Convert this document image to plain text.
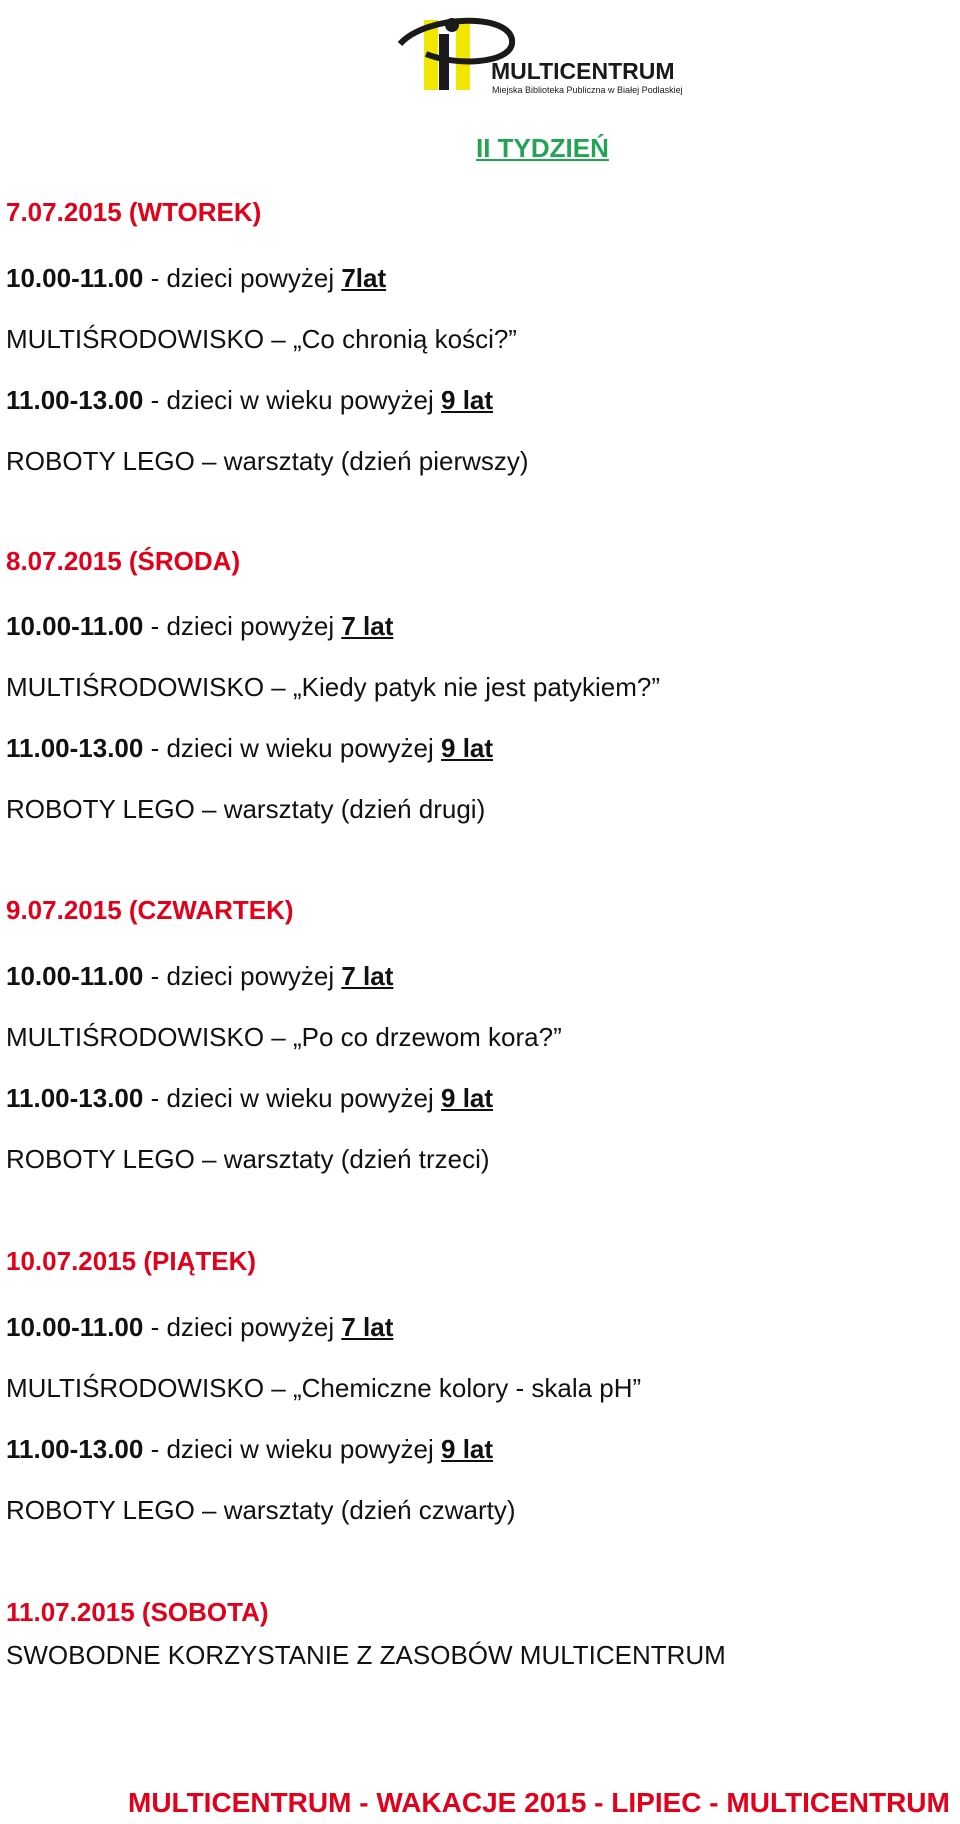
MULTICENTRUM
Miejska Biblioteka Publiczna w Białej Podlaskiej
II TYDZIEŃ
7.07.2015 (WTOREK)
10.00-11.00 - dzieci powyżej 7lat
MULTIŚRODOWISKO – „Co chronią kości?”
11.00-13.00 - dzieci w wieku powyżej 9 lat
ROBOTY LEGO – warsztaty (dzień pierwszy)
8.07.2015 (ŚRODA)
10.00-11.00 - dzieci powyżej 7 lat
MULTIŚRODOWISKO – „Kiedy patyk nie jest patykiem?”
11.00-13.00 - dzieci w wieku powyżej 9 lat
ROBOTY LEGO – warsztaty (dzień drugi)
9.07.2015 (CZWARTEK)
10.00-11.00 - dzieci powyżej 7 lat
MULTIŚRODOWISKO – „Po co drzewom kora?”
11.00-13.00 - dzieci w wieku powyżej 9 lat
ROBOTY LEGO – warsztaty (dzień trzeci)
10.07.2015 (PIĄTEK)
10.00-11.00 - dzieci powyżej 7 lat
MULTIŚRODOWISKO – „Chemiczne kolory - skala pH”
11.00-13.00 - dzieci w wieku powyżej 9 lat
ROBOTY LEGO – warsztaty (dzień czwarty)
11.07.2015 (SOBOTA)
SWOBODNE KORZYSTANIE Z ZASOBÓW MULTICENTRUM
MULTICENTRUM - WAKACJE 2015 - LIPIEC - MULTICENTRUM
